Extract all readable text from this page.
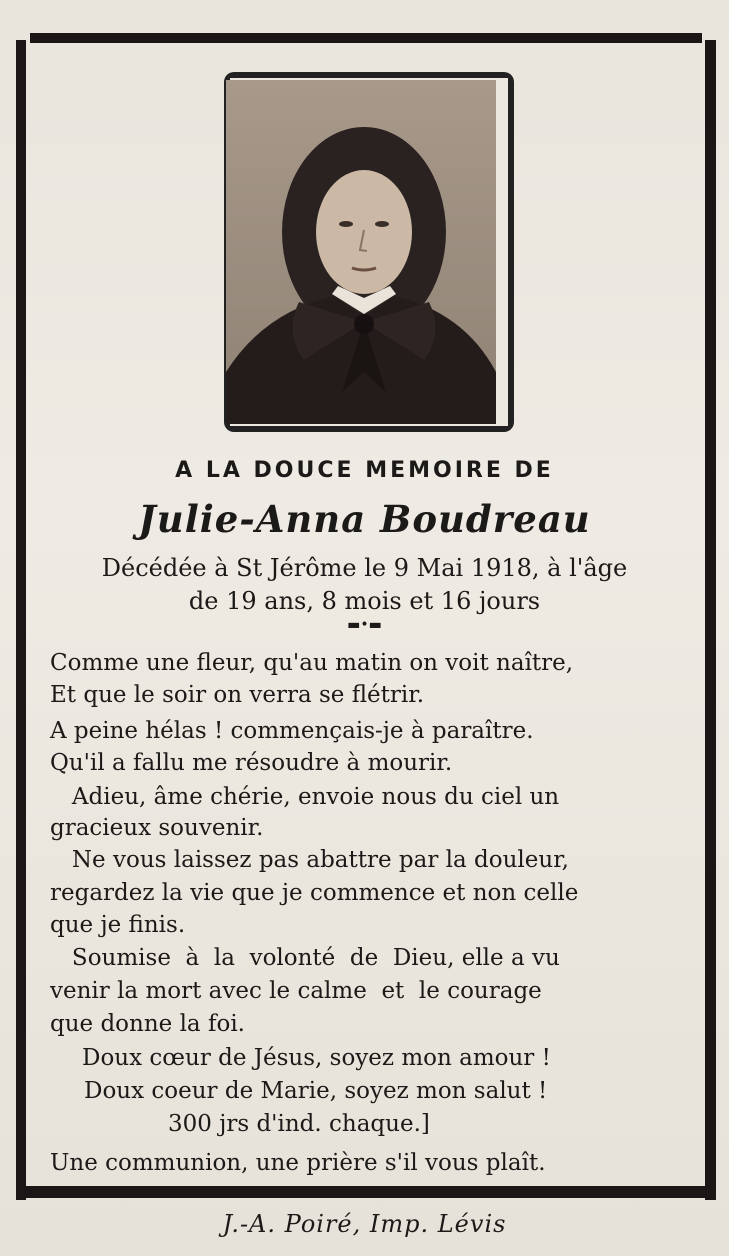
A LA DOUCE MEMOIRE DE
Julie-Anna Boudreau
Décédée à St Jérôme le 9 Mai 1918, à l'âge
de 19 ans, 8 mois et 16 jours
▬•▬
Comme une fleur, qu'au matin on voit naître,
Et que le soir on verra se flétrir.
A peine hélas ! commençais-je à paraître.
Qu'il a fallu me résoudre à mourir.
Adieu, âme chérie, envoie nous du ciel un
gracieux souvenir.
Ne vous laissez pas abattre par la douleur,
regardez la vie que je commence et non celle
que je finis.
Soumise  à  la  volonté  de  Dieu, elle a vu
venir la mort avec le calme  et  le courage
que donne la foi.
Doux cœur de Jésus, soyez mon amour !
Doux coeur de Marie, soyez mon salut !
300 jrs d'ind. chaque.]
Une communion, une prière s'il vous plaît.
J.-A. Poiré, Imp. Lévis
